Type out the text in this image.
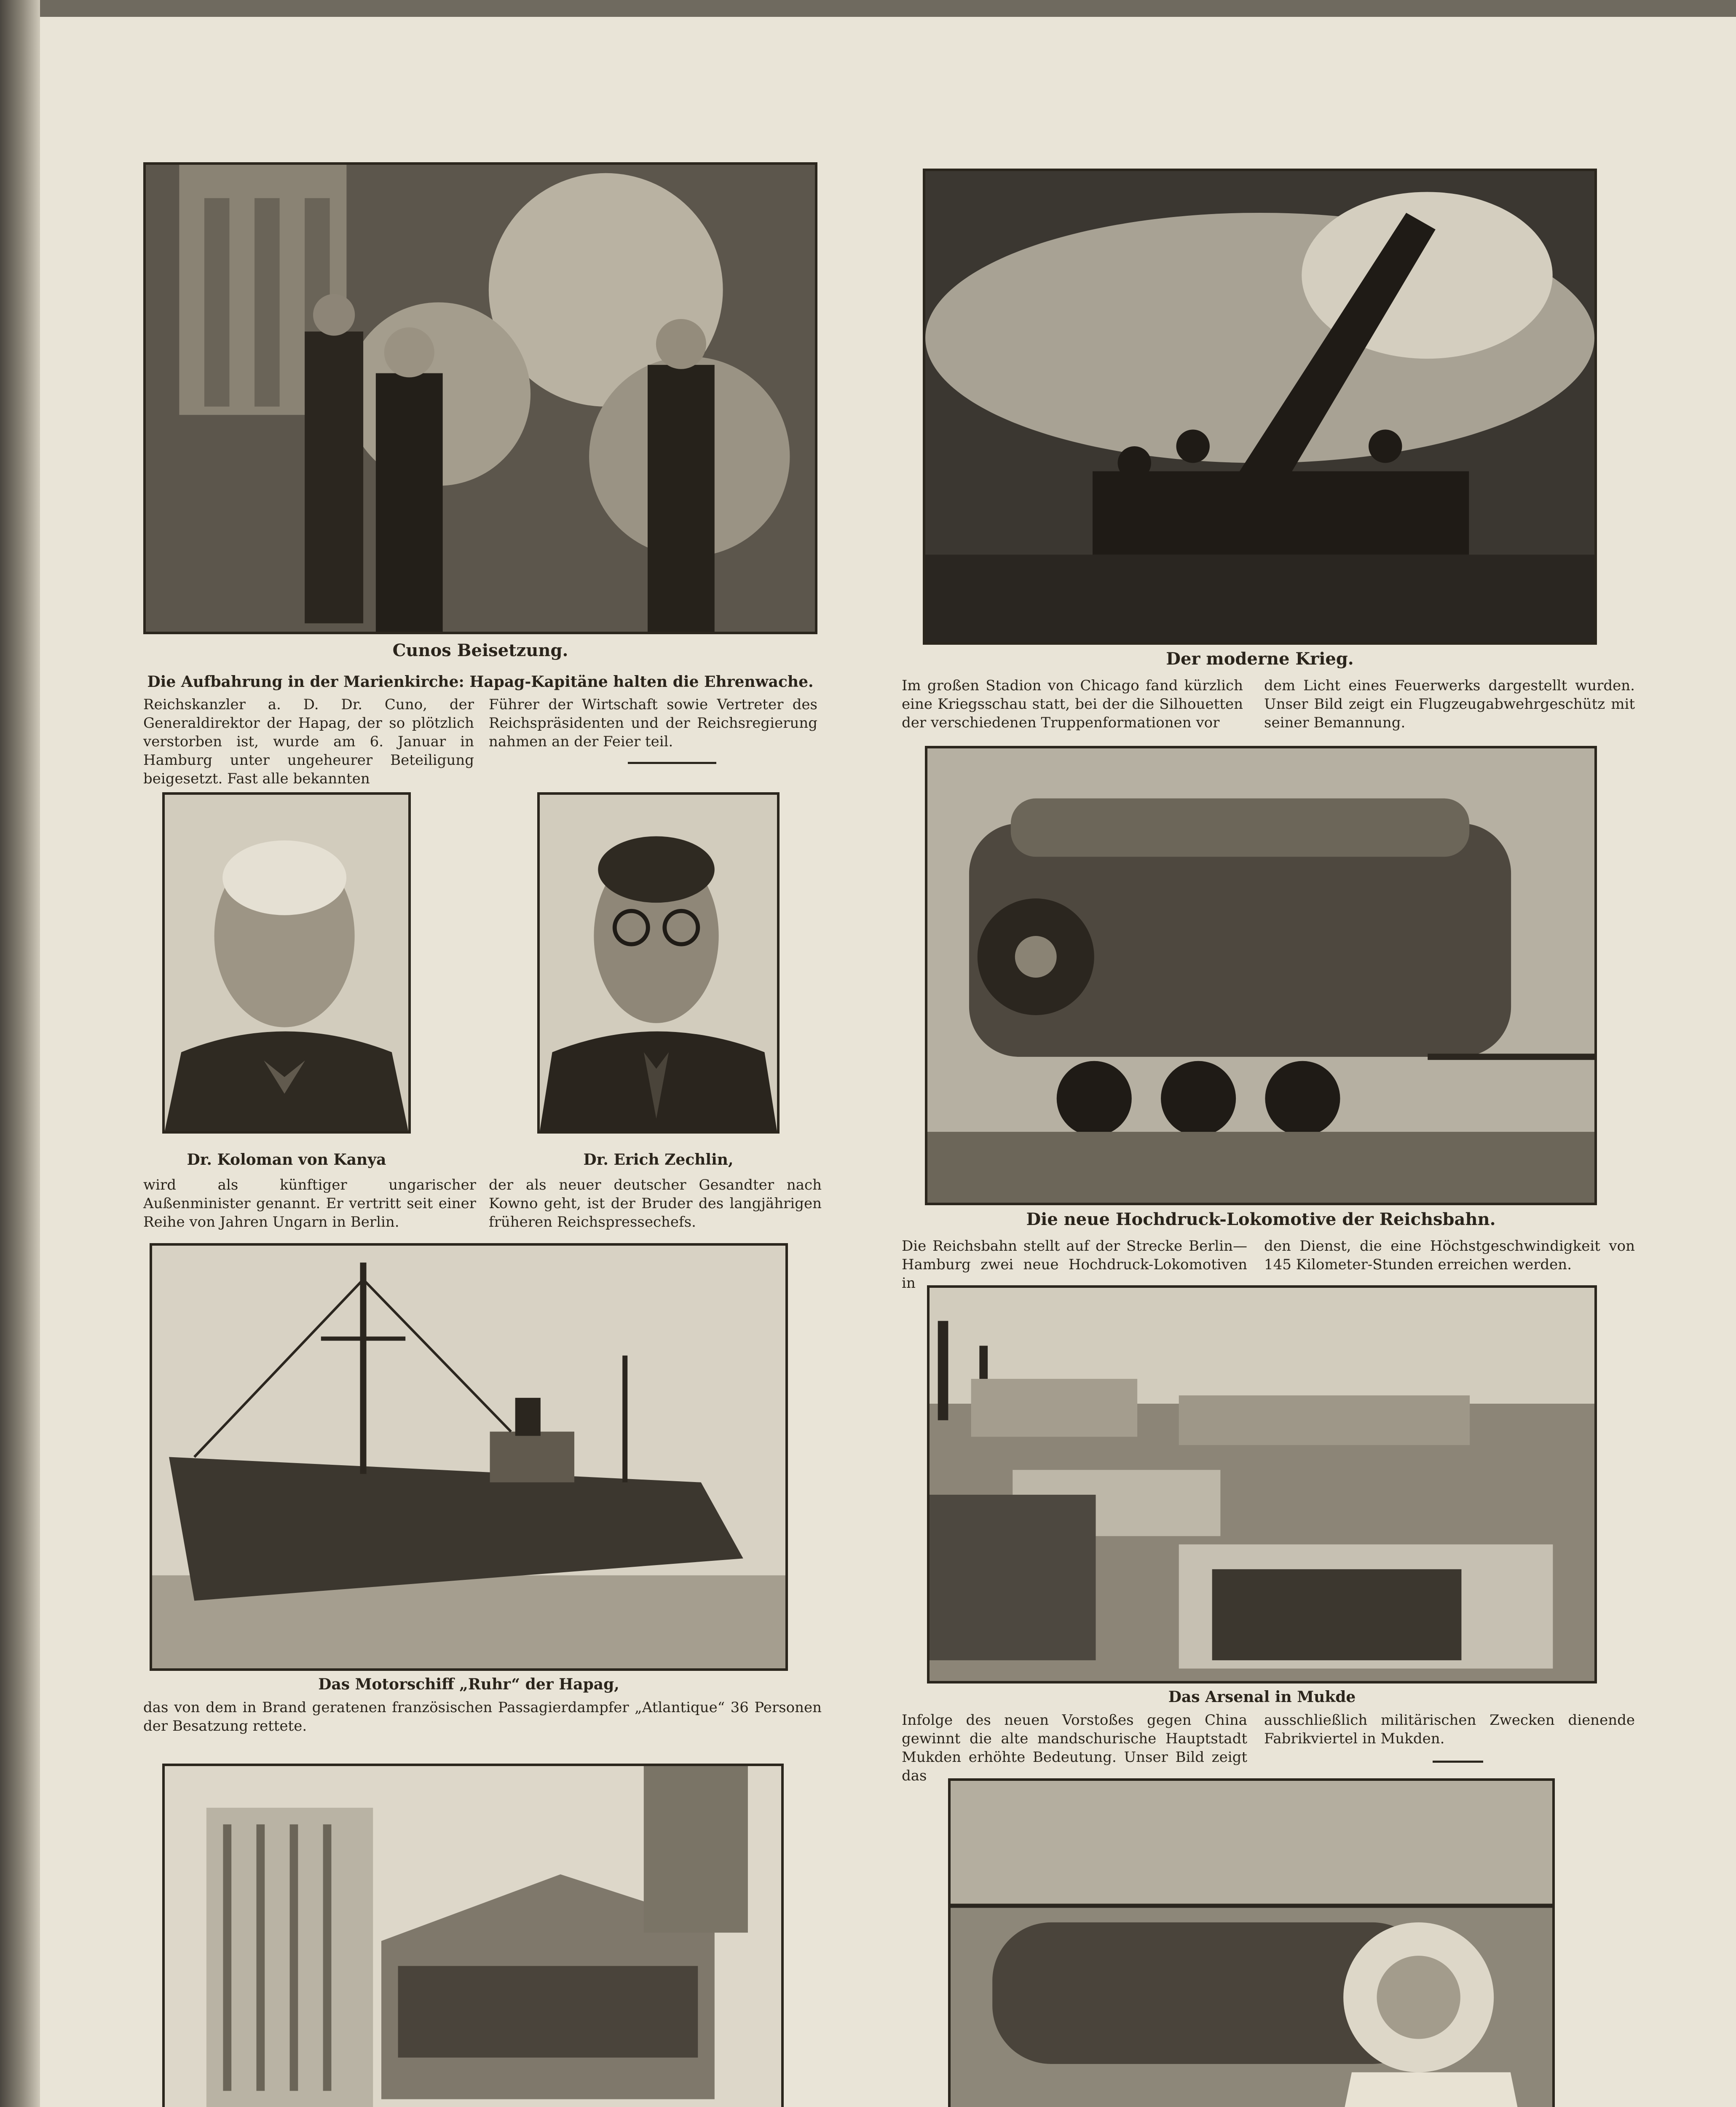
Cunos Beisetzung.
Die Aufbahrung in der Marienkirche: Hapag-Kapitäne halten die Ehrenwache.
Reichskanzler a. D. Dr. Cuno, der Generaldirektor der Hapag, der so plötzlich verstorben ist, wurde am 6. Januar in Hamburg unter ungeheurer Beteiligung beigesetzt. Fast alle bekannten
Führer der Wirtschaft sowie Vertreter des Reichspräsidenten und der Reichsregierung nahmen an der Feier teil.
Der moderne Krieg.
Im großen Stadion von Chicago fand kürzlich eine Kriegsschau statt, bei der die Silhouetten der verschiedenen Truppenformationen vor
dem Licht eines Feuerwerks dargestellt wurden. Unser Bild zeigt ein Flugzeugabwehrgeschütz mit seiner Bemannung.
Dr. Koloman von Kanya
wird als künftiger ungarischer Außenminister genannt. Er vertritt seit einer Reihe von Jahren Ungarn in Berlin.
Dr. Erich Zechlin,
der als neuer deutscher Gesandter nach Kowno geht, ist der Bruder des langjährigen früheren Reichspressechefs.	Die neue Hochdruck-Lokomotive der Reichsbahn.
Die Reichsbahn stellt auf der Strecke Berlin—Hamburg zwei neue Hochdruck-Lokomotiven in
den Dienst, die eine Höchstgeschwindigkeit von 145 Kilometer-Stunden erreichen werden.
Das Motorschiff „Ruhr“ der Hapag,
das von dem in Brand geratenen französischen Passagierdampfer „Atlantique“ 36 Personen der Besatzung rettete.
Das Arsenal in Mukde
Infolge des neuen Vorstoßes gegen China gewinnt die alte mandschurische Hauptstadt Mukden erhöhte Bedeutung. Unser Bild zeigt das
ausschließlich militärischen Zwecken dienende Fabrikviertel in Mukden.
